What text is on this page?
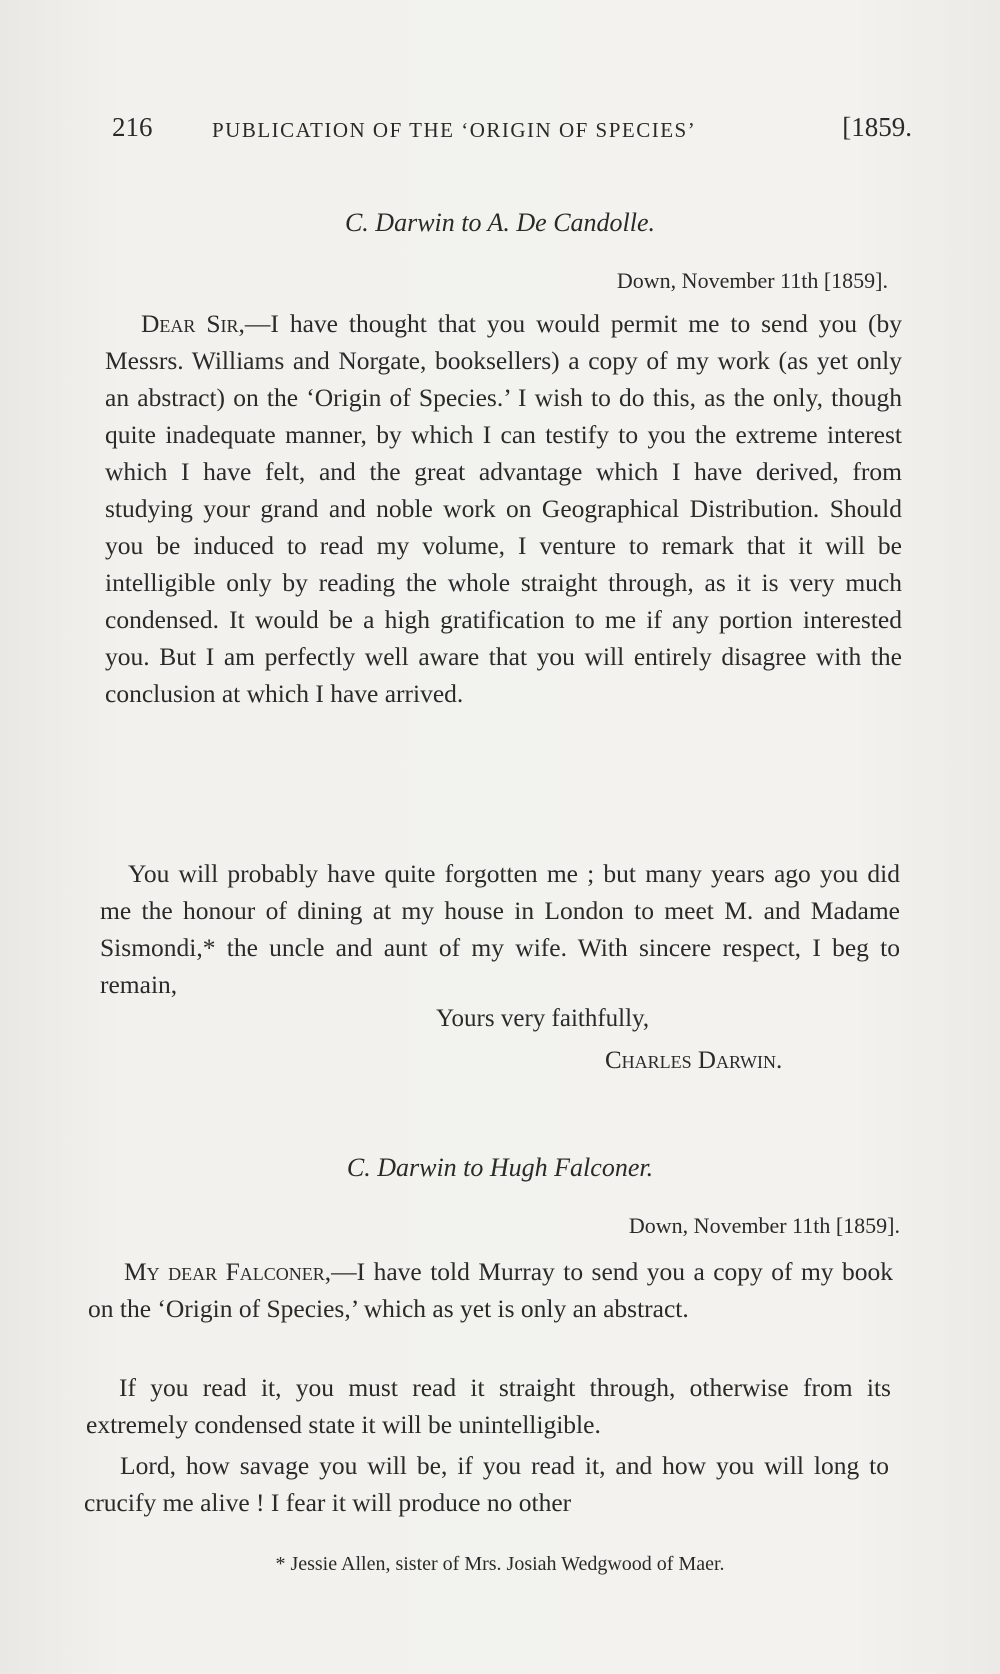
216	PUBLICATION OF THE ‘ORIGIN OF SPECIES’	[1859.
C. Darwin to A. De Candolle.
Down, November 11th [1859].

Dear Sir,—I have thought that you would permit me to send you (by Messrs. Williams and Norgate, booksellers) a copy of my work (as yet only an abstract) on the ‘Origin of Species.’ I wish to do this, as the only, though quite inadequate manner, by which I can testify to you the extreme interest which I have felt, and the great advantage which I have derived, from studying your grand and noble work on Geographical Distribution. Should you be induced to read my volume, I venture to remark that it will be intelligible only by reading the whole straight through, as it is very much condensed. It would be a high gratification to me if any portion interested you. But I am perfectly well aware that you will entirely disagree with the conclusion at which I have arrived.

You will probably have quite forgotten me ; but many years ago you did me the honour of dining at my house in London to meet M. and Madame Sismondi,* the uncle and aunt of my wife. With sincere respect, I beg to remain,

Yours very faithfully,
Charles Darwin.
C. Darwin to Hugh Falconer.
Down, November 11th [1859].

My dear Falconer,—I have told Murray to send you a copy of my book on the ‘Origin of Species,’ which as yet is only an abstract.

If you read it, you must read it straight through, otherwise from its extremely condensed state it will be unintelligible.

Lord, how savage you will be, if you read it, and how you will long to crucify me alive ! I fear it will produce no other

* Jessie Allen, sister of Mrs. Josiah Wedgwood of Maer.
